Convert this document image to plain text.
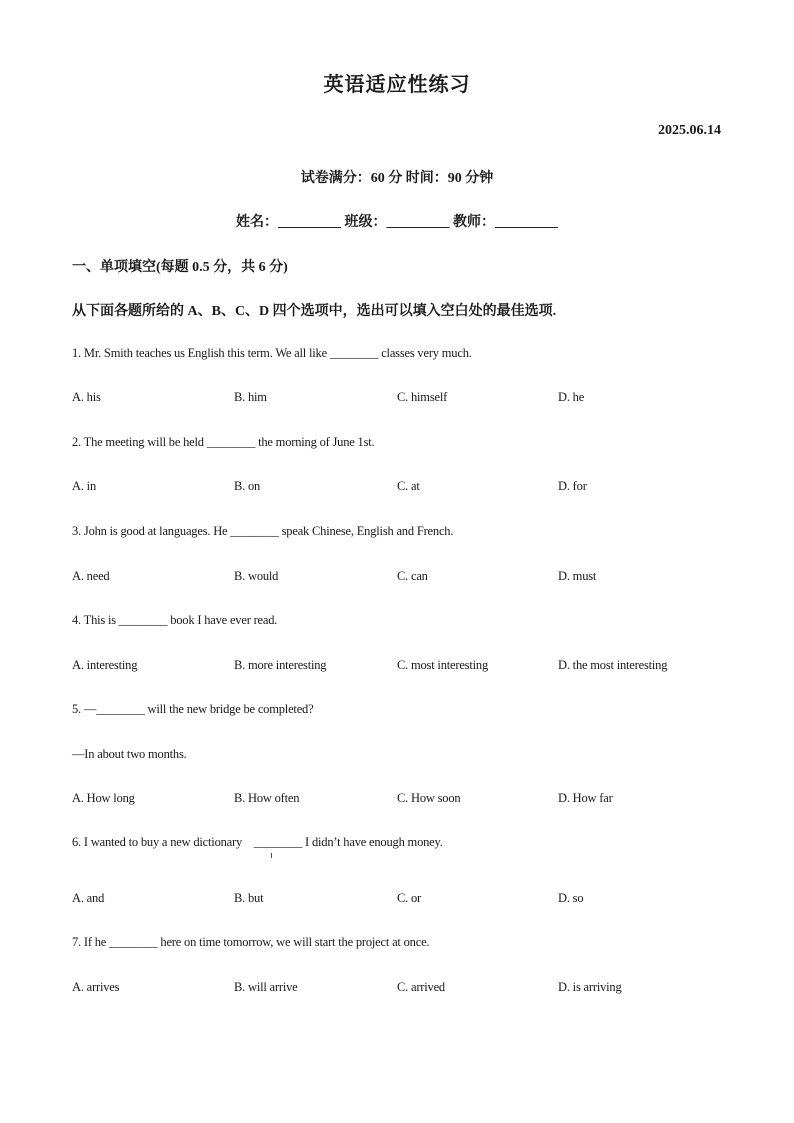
英语适应性练习
2025.06.14
试卷满分：60 分 时间：90 分钟
姓名：_________ 班级：_________ 教师：_________
一、单项填空(每题 0.5 分，共 6 分)
从下面各题所给的 A、B、C、D 四个选项中，选出可以填入空白处的最佳选项.
1. Mr. Smith teaches us English this term. We all like ________ classes very much.
A. his	B. him	C. himself	D. he
2. The meeting will be held ________ the morning of June 1st.
A. in	B. on	C. at	D. for
3. John is good at languages. He ________ speak Chinese, English and French.
A. need	B. would	C. can	D. must
4. This is ________ book I have ever read.
A. interesting	B. more interesting	C. most interesting	D. the most interesting
5. —________ will the new bridge be completed?
—In about two months.
A. How long	B. How often	C. How soon	D. How far
6. I wanted to buy a new dictionary    ________ I didn’t have enough money.
A. and	B. but	C. or	D. so
7. If he ________ here on time tomorrow, we will start the project at once.
A. arrives	B. will arrive	C. arrived	D. is arriving
